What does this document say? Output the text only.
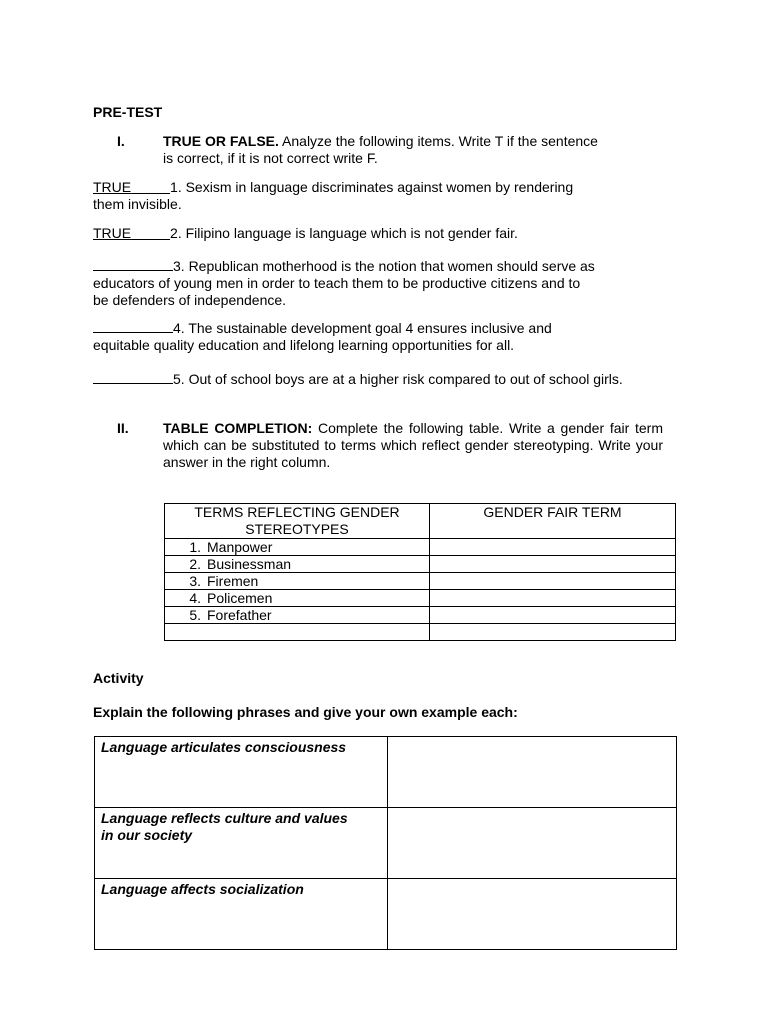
PRE-TEST
I.	TRUE OR FALSE. Analyze the following items. Write T if the sentence
is correct, if it is not correct write F.
TRUE	1. Sexism in language discriminates against women by rendering
them invisible.
TRUE	2. Filipino language is language which is not gender fair.
3. Republican motherhood is the notion that women should serve as
educators of young men in order to teach them to be productive citizens and to
be defenders of independence.
4. The sustainable development goal 4 ensures inclusive and
equitable quality education and lifelong learning opportunities for all.
5. Out of school boys are at a higher risk compared to out of school girls.
II. TABLE COMPLETION: Complete the following table. Write a gender fair term which can be substituted to terms which reflect gender stereotyping. Write your answer in the right column.
TERMS REFLECTING GENDER
STEREOTYPES	GENDER FAIR TERM
1. Manpower	
2. Businessman	
3. Firemen	
4. Policemen	
5. Forefather	

Activity
Explain the following phrases and give your own example each:
Language articulates consciousness

Language reflects culture and values
in our society	
Language affects socialization
